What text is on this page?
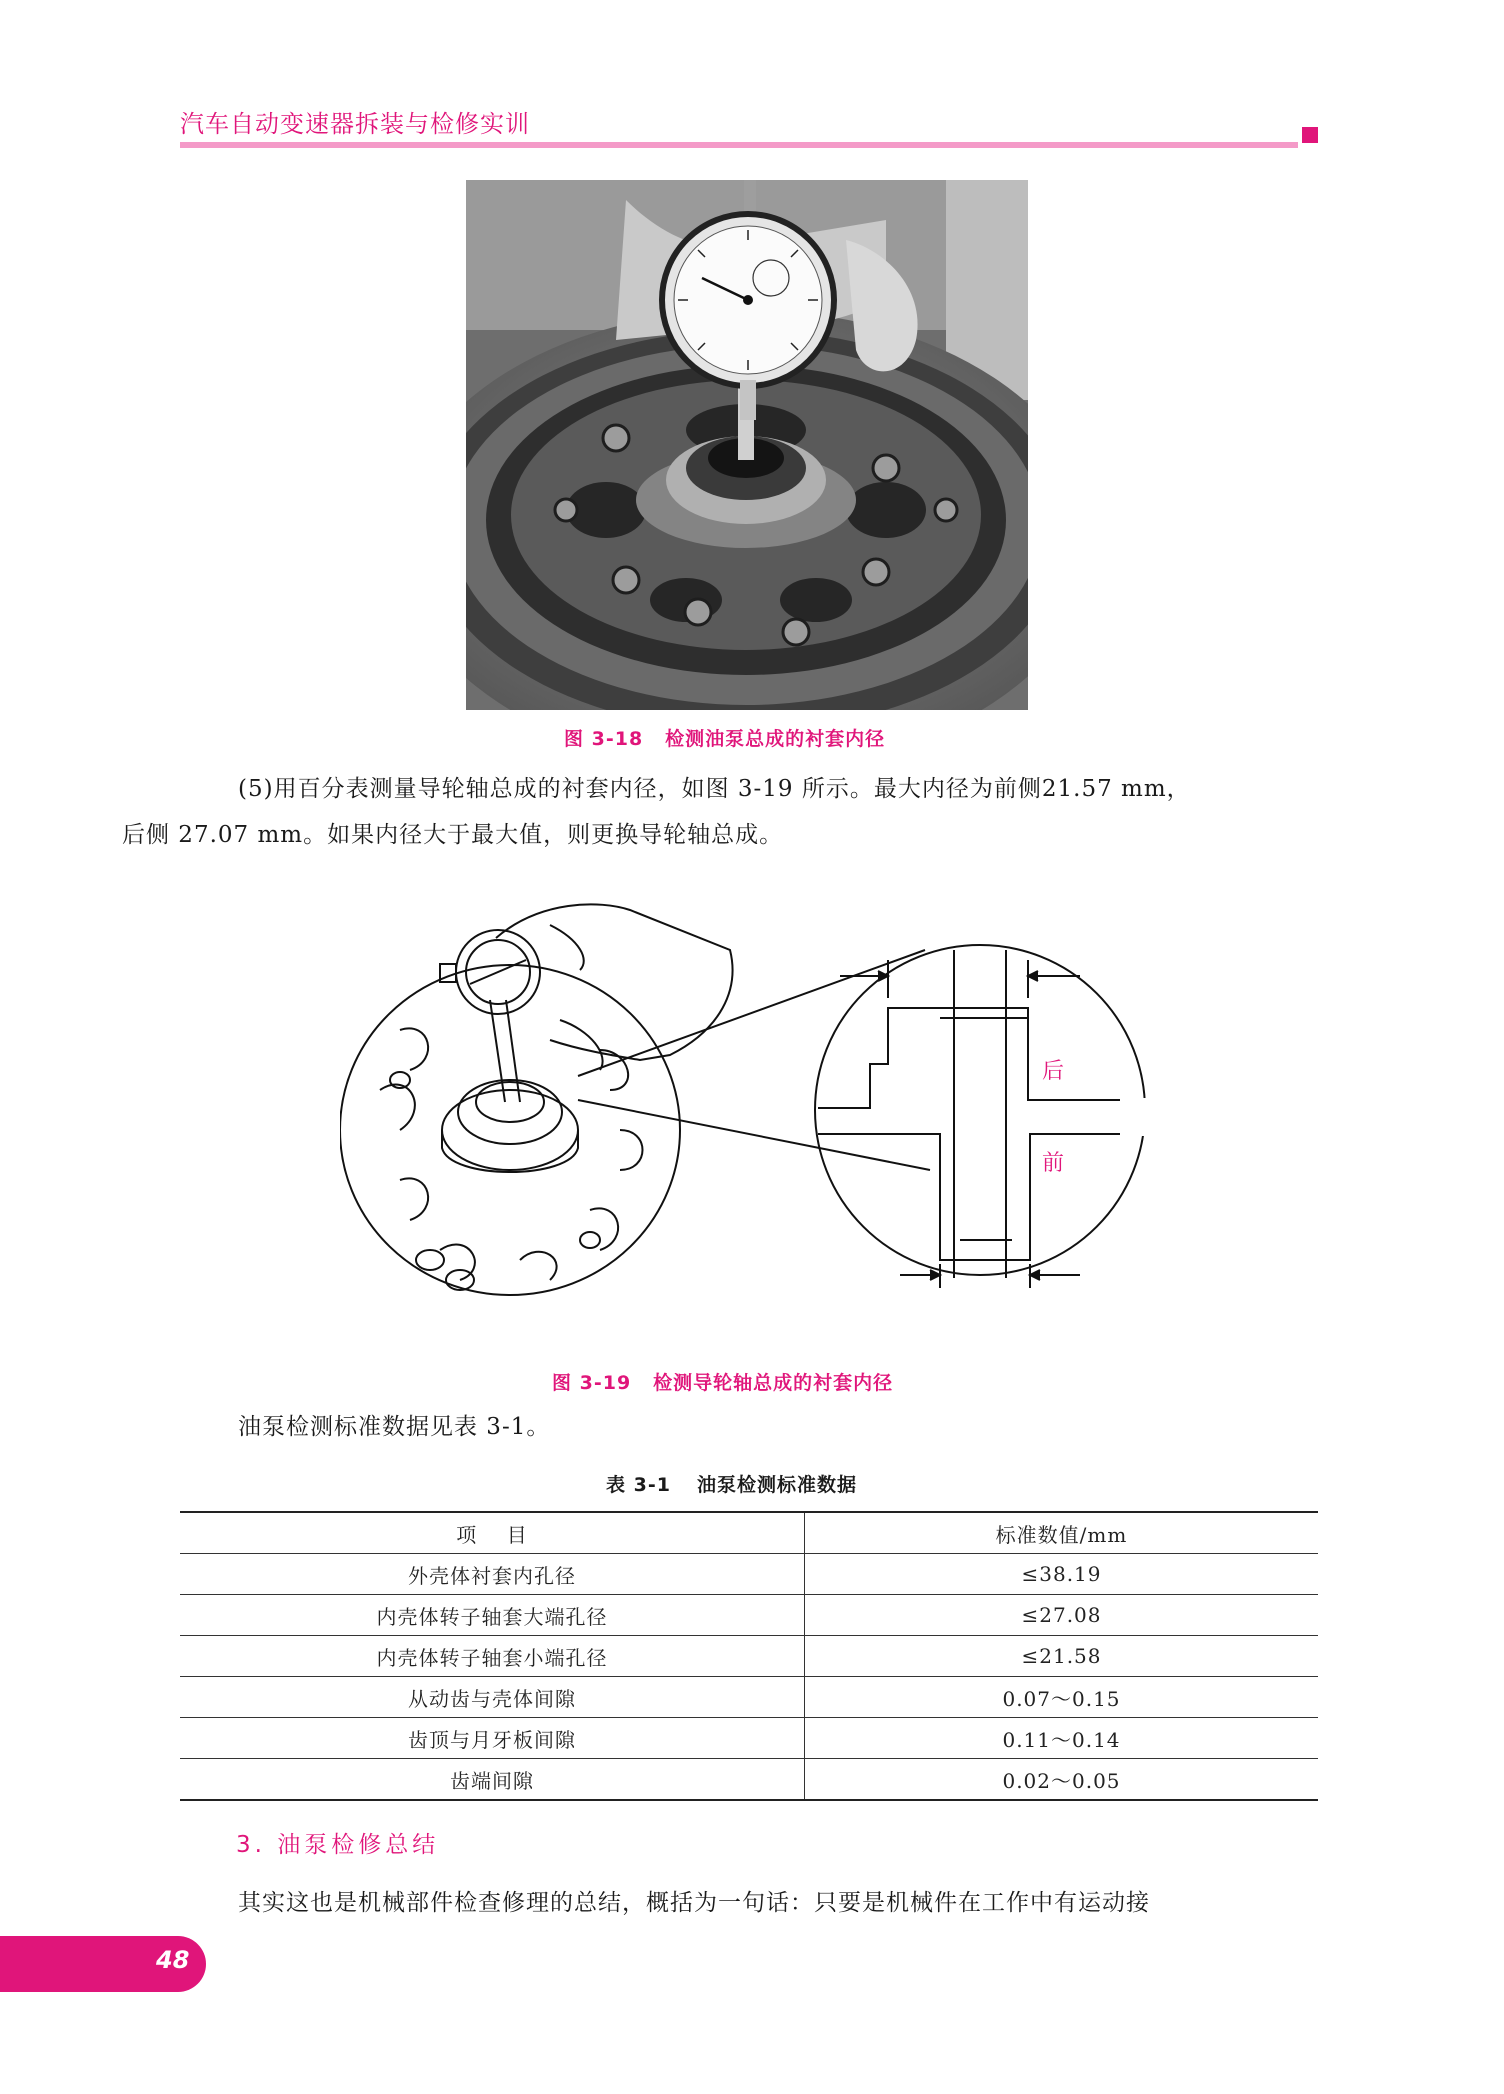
汽车自动变速器拆装与检修实训
图 3-18 检测油泵总成的衬套内径
(5)用百分表测量导轮轴总成的衬套内径，如图 3-19 所示。最大内径为前侧21.57 mm，
后侧 27.07 mm。如果内径大于最大值，则更换导轮轴总成。
后
前
图 3-19 检测导轮轴总成的衬套内径
油泵检测标准数据见表 3-1。
表 3-1 油泵检测标准数据
项    目	标准数值/mm
外壳体衬套内孔径	≤38.19
内壳体转子轴套大端孔径	≤27.08
内壳体转子轴套小端孔径	≤21.58
从动齿与壳体间隙	0.07～0.15
齿顶与月牙板间隙	0.11～0.14
齿端间隙	0.02～0.05
3. 油泵检修总结
其实这也是机械部件检查修理的总结，概括为一句话：只要是机械件在工作中有运动接
48
